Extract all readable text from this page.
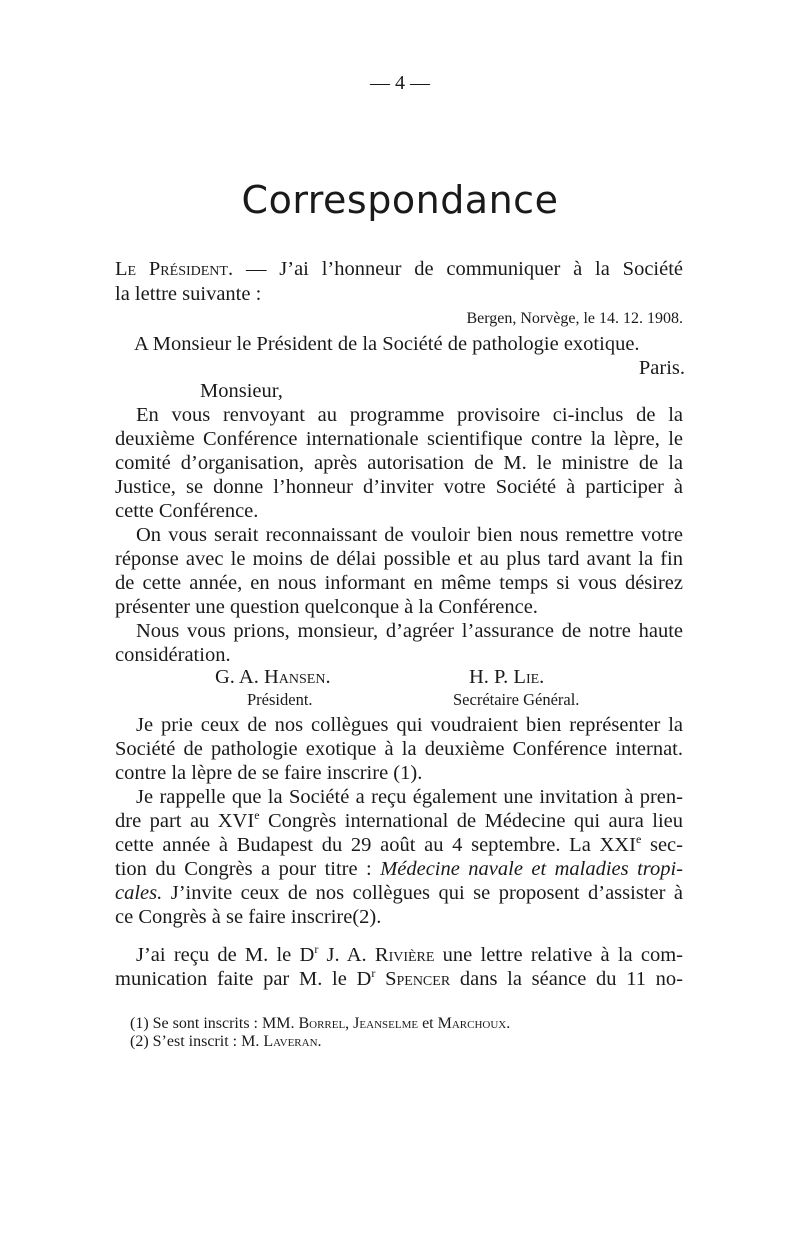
— 4 —
Correspondance
Le Président. — J’ai l’honneur de communiquer à la Société
la lettre suivante :
Bergen, Norvège, le 14. 12. 1908.
A Monsieur le Président de la Société de pathologie exotique.
Paris.
Monsieur,
En vous renvoyant au programme provisoire ci-inclus de la
deuxième Conférence internationale scientifique contre la lèpre, le
comité d’organisation, après autorisation de M. le ministre de la
Justice, se donne l’honneur d’inviter votre Société à participer à
cette Conférence.
On vous serait reconnaissant de vouloir bien nous remettre votre
réponse avec le moins de délai possible et au plus tard avant la fin
de cette année, en nous informant en même temps si vous désirez
présenter une question quelconque à la Conférence.
Nous vous prions, monsieur, d’agréer l’assurance de notre haute
considération.
G. A. Hansen.	H. P. Lie.
Président.	Secrétaire Général.
Je prie ceux de nos collègues qui voudraient bien représenter la
Société de pathologie exotique à la deuxième Conférence internat.
contre la lèpre de se faire inscrire (1).
Je rappelle que la Société a reçu également une invitation à pren-
dre part au XVIe Congrès international de Médecine qui aura lieu
cette année à Budapest du 29 août au 4 septembre. La XXIe sec-
tion du Congrès a pour titre : Médecine navale et maladies tropi-
cales. J’invite ceux de nos collègues qui se proposent d’assister à
ce Congrès à se faire inscrire(2).
J’ai reçu de M. le $D^r$ J. A. Rivière une lettre relative à la com-
munication faite par M. le $D^r$ Spencer dans la séance du 11 no-
(1) Se sont inscrits : MM. Borrel, Jeanselme et Marchoux.
(2) S’est inscrit : M. Laveran.
